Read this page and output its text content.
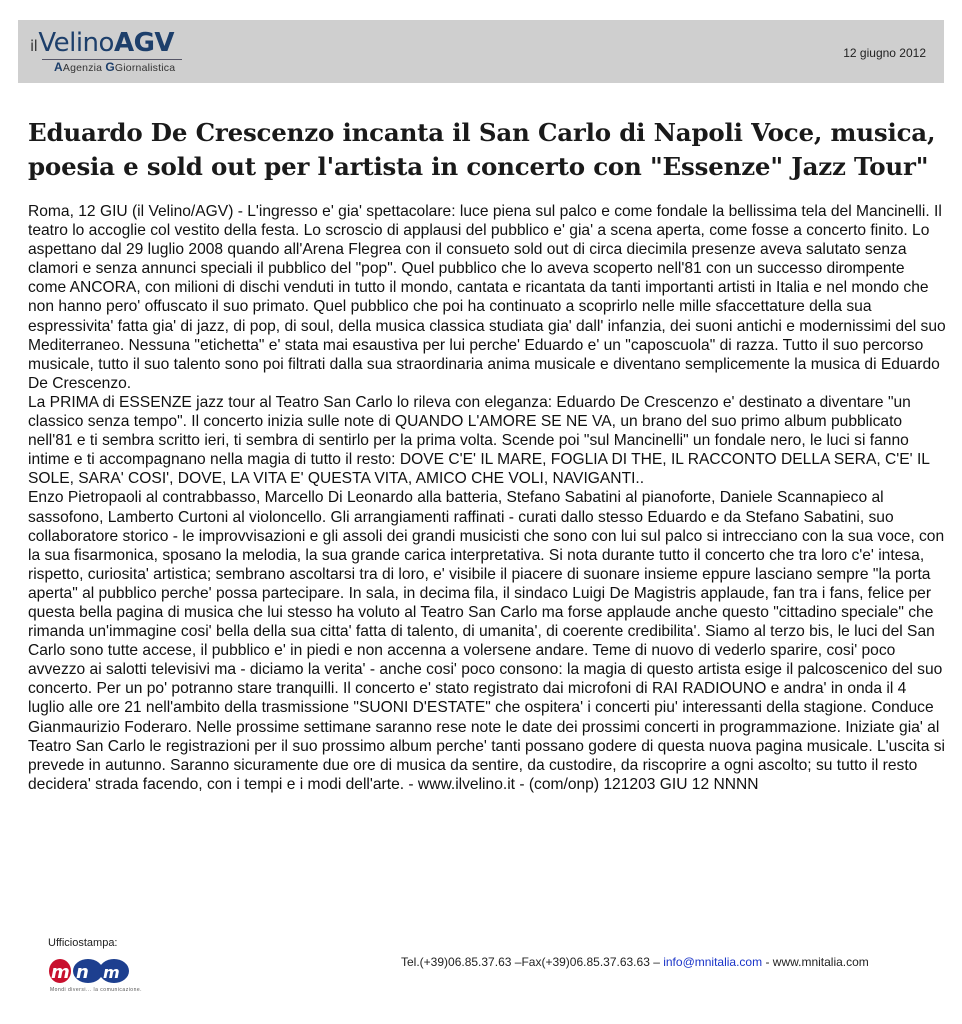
ilVelinoAGV
AAgenzia GGiornalistica
12 giugno 2012
Eduardo De Crescenzo incanta il San Carlo di Napoli Voce, musica, poesia e sold out per l'artista in concerto con "Essenze" Jazz Tour"

Roma, 12 GIU (il Velino/AGV) - L'ingresso e' gia' spettacolare: luce piena sul palco e come fondale la bellissima tela del Mancinelli. Il teatro lo accoglie col vestito della festa. Lo scroscio di applausi del pubblico e' gia' a scena aperta, come fosse a concerto finito. Lo aspettano dal 29 luglio 2008 quando all'Arena Flegrea con il consueto sold out di circa diecimila presenze aveva salutato senza clamori e senza annunci speciali il pubblico del "pop". Quel pubblico che lo aveva scoperto nell'81 con un successo dirompente come ANCORA, con milioni di dischi venduti in tutto il mondo, cantata e ricantata da tanti importanti artisti in Italia e nel mondo che non hanno pero' offuscato il suo primato. Quel pubblico che poi ha continuato a scoprirlo nelle mille sfaccettature della sua espressivita' fatta gia' di jazz, di pop, di soul, della musica classica studiata gia' dall' infanzia, dei suoni antichi e modernissimi del suo Mediterraneo. Nessuna "etichetta" e' stata mai esaustiva per lui perche' Eduardo e' un "caposcuola" di razza. Tutto il suo percorso musicale, tutto il suo talento sono poi filtrati dalla sua straordinaria anima musicale e diventano semplicemente la musica di Eduardo De Crescenzo.

La PRIMA di ESSENZE jazz tour al Teatro San Carlo lo rileva con eleganza: Eduardo De Crescenzo e' destinato a diventare "un classico senza tempo". Il concerto inizia sulle note di QUANDO L'AMORE SE NE VA, un brano del suo primo album pubblicato nell'81 e ti sembra scritto ieri, ti sembra di sentirlo per la prima volta. Scende poi "sul Mancinelli" un fondale nero, le luci si fanno intime e ti accompagnano nella magia di tutto il resto: DOVE C'E' IL MARE, FOGLIA DI THE, IL RACCONTO DELLA SERA, C'E' IL SOLE, SARA' COSI', DOVE, LA VITA E' QUESTA VITA, AMICO CHE VOLI, NAVIGANTI..

Enzo Pietropaoli al contrabbasso, Marcello Di Leonardo alla batteria, Stefano Sabatini al pianoforte, Daniele Scannapieco al sassofono, Lamberto Curtoni al violoncello. Gli arrangiamenti raffinati - curati dallo stesso Eduardo e da Stefano Sabatini, suo collaboratore storico - le improvvisazioni e gli assoli dei grandi musicisti che sono con lui sul palco si intrecciano con la sua voce, con la sua fisarmonica, sposano la melodia, la sua grande carica interpretativa. Si nota durante tutto il concerto che tra loro c'e' intesa, rispetto, curiosita' artistica; sembrano ascoltarsi tra di loro, e' visibile il piacere di suonare insieme eppure lasciano sempre "la porta aperta" al pubblico perche' possa partecipare. In sala, in decima fila, il sindaco Luigi De Magistris applaude, fan tra i fans, felice per questa bella pagina di musica che lui stesso ha voluto al Teatro San Carlo ma forse applaude anche questo "cittadino speciale" che rimanda un'immagine cosi' bella della sua citta' fatta di talento, di umanita', di coerente credibilita'. Siamo al terzo bis, le luci del San Carlo sono tutte accese, il pubblico e' in piedi e non accenna a volersene andare. Teme di nuovo di vederlo sparire, cosi' poco avvezzo ai salotti televisivi ma - diciamo la verita' - anche cosi' poco consono: la magia di questo artista esige il palcoscenico del suo concerto. Per un po' potranno stare tranquilli. Il concerto e' stato registrato dai microfoni di RAI RADIOUNO e andra' in onda il 4 luglio alle ore 21 nell'ambito della trasmissione "SUONI D'ESTATE" che ospitera' i concerti piu' interessanti della stagione. Conduce Gianmaurizio Foderaro. Nelle prossime settimane saranno rese note le date dei prossimi concerti in programmazione. Iniziate gia' al Teatro San Carlo le registrazioni per il suo prossimo album perche' tanti possano godere di questa nuova pagina musicale. L'uscita si prevede in autunno. Saranno sicuramente due ore di musica da sentire, da custodire, da riscoprire a ogni ascolto; su tutto il resto decidera' strada facendo, con i tempi e i modi dell'arte. - www.ilvelino.it - (com/onp) 121203 GIU 12 NNNN

Ufficiostampa:
m n m
Mondi diversi... la comunicazione.
Tel.(+39)06.85.37.63 –Fax(+39)06.85.37.63.63 – info@mnitalia.com - www.mnitalia.com
